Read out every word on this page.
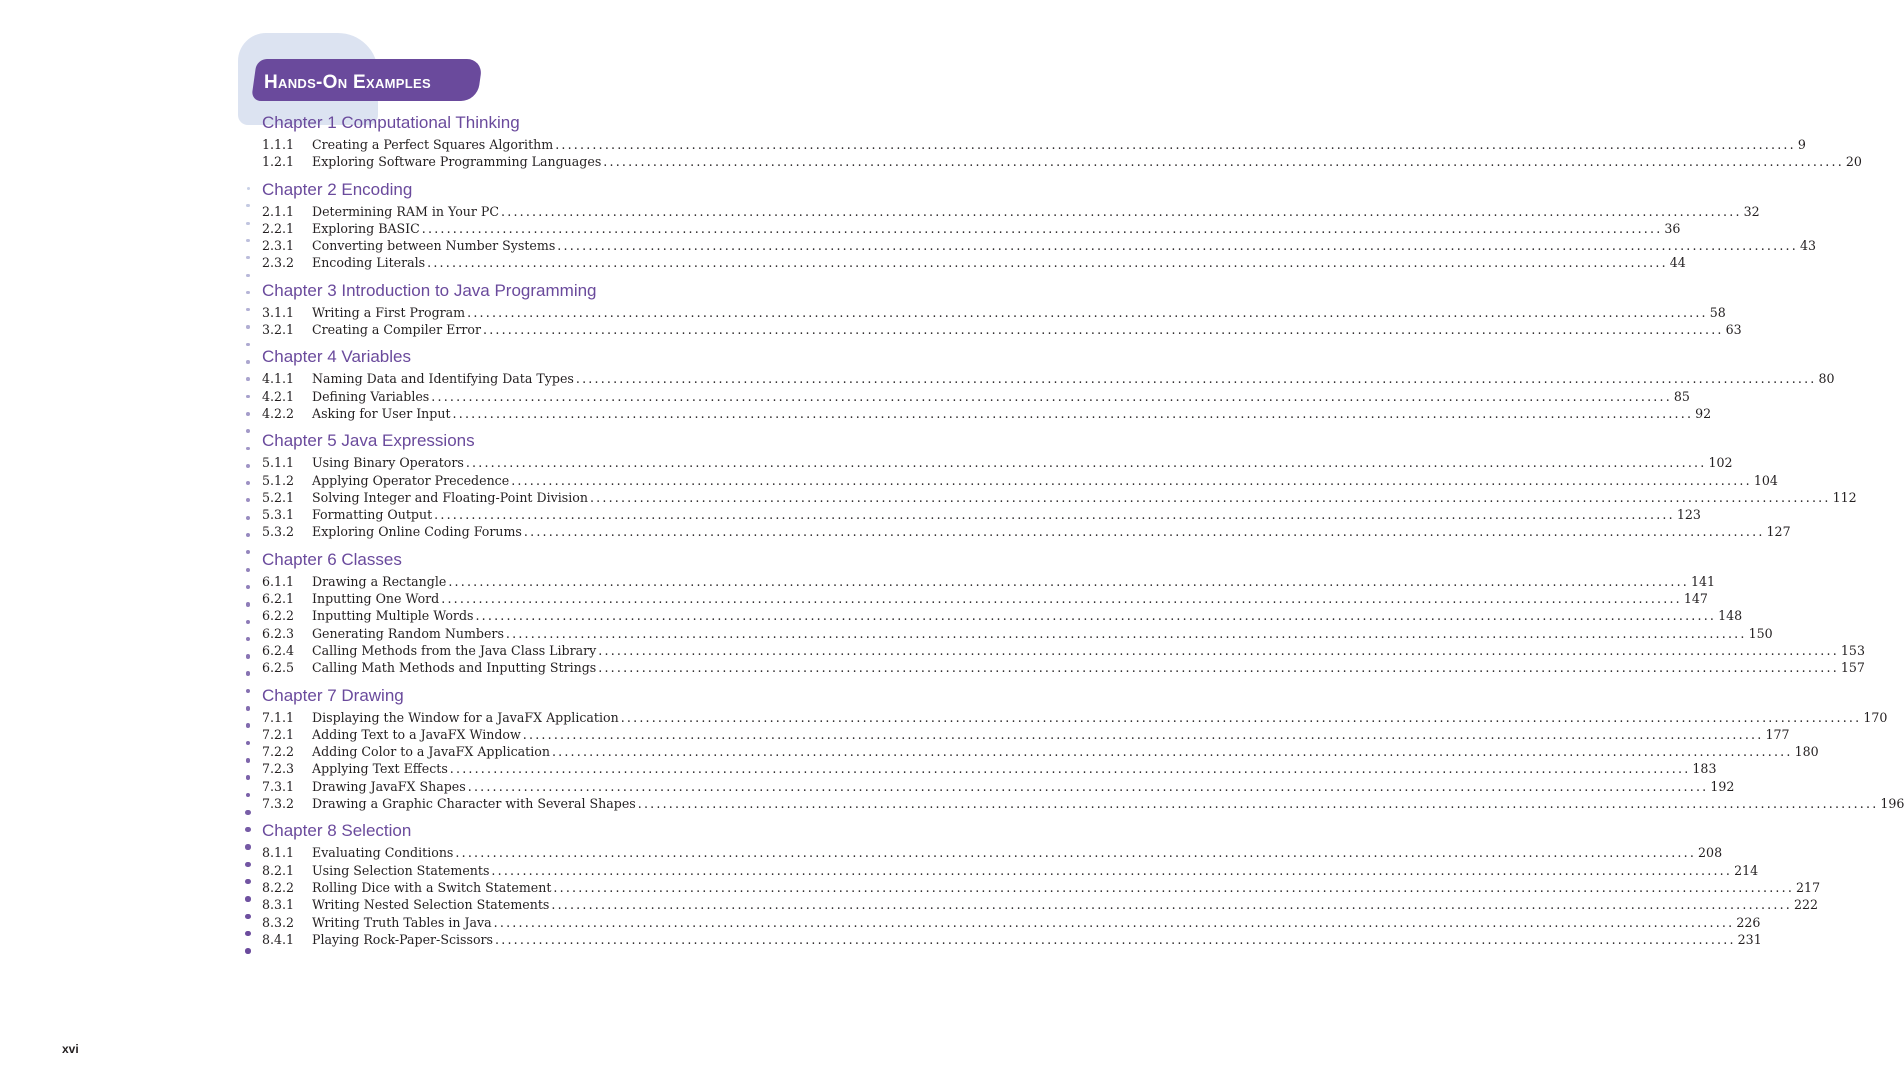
Hands-On Examples
Chapter 1 Computational Thinking
1.1.1	Creating a Perfect Squares Algorithm ........................................................................................................................................................................................................ 9
1.2.1	Exploring Software Programming Languages ........................................................................................................................................................................................................ 20
Chapter 2 Encoding
2.1.1	Determining RAM in Your PC ........................................................................................................................................................................................................ 32
2.2.1	Exploring BASIC ........................................................................................................................................................................................................ 36
2.3.1	Converting between Number Systems ........................................................................................................................................................................................................ 43
2.3.2	Encoding Literals ........................................................................................................................................................................................................ 44
Chapter 3 Introduction to Java Programming
3.1.1	Writing a First Program ........................................................................................................................................................................................................ 58
3.2.1	Creating a Compiler Error ........................................................................................................................................................................................................ 63
Chapter 4 Variables
4.1.1	Naming Data and Identifying Data Types ........................................................................................................................................................................................................ 80
4.2.1	Defining Variables ........................................................................................................................................................................................................ 85
4.2.2	Asking for User Input ........................................................................................................................................................................................................ 92
Chapter 5 Java Expressions
5.1.1	Using Binary Operators ........................................................................................................................................................................................................ 102
5.1.2	Applying Operator Precedence ........................................................................................................................................................................................................ 104
5.2.1	Solving Integer and Floating-Point Division ........................................................................................................................................................................................................ 112
5.3.1	Formatting Output ........................................................................................................................................................................................................ 123
5.3.2	Exploring Online Coding Forums ........................................................................................................................................................................................................ 127
Chapter 6 Classes
6.1.1	Drawing a Rectangle ........................................................................................................................................................................................................ 141
6.2.1	Inputting One Word ........................................................................................................................................................................................................ 147
6.2.2	Inputting Multiple Words ........................................................................................................................................................................................................ 148
6.2.3	Generating Random Numbers ........................................................................................................................................................................................................ 150
6.2.4	Calling Methods from the Java Class Library ........................................................................................................................................................................................................ 153
6.2.5	Calling Math Methods and Inputting Strings ........................................................................................................................................................................................................ 157
Chapter 7 Drawing
7.1.1	Displaying the Window for a JavaFX Application ........................................................................................................................................................................................................ 170
7.2.1	Adding Text to a JavaFX Window ........................................................................................................................................................................................................ 177
7.2.2	Adding Color to a JavaFX Application ........................................................................................................................................................................................................ 180
7.2.3	Applying Text Effects ........................................................................................................................................................................................................ 183
7.3.1	Drawing JavaFX Shapes ........................................................................................................................................................................................................ 192
7.3.2	Drawing a Graphic Character with Several Shapes ........................................................................................................................................................................................................ 196
Chapter 8 Selection
8.1.1	Evaluating Conditions ........................................................................................................................................................................................................ 208
8.2.1	Using Selection Statements ........................................................................................................................................................................................................ 214
8.2.2	Rolling Dice with a Switch Statement ........................................................................................................................................................................................................ 217
8.3.1	Writing Nested Selection Statements ........................................................................................................................................................................................................ 222
8.3.2	Writing Truth Tables in Java ........................................................................................................................................................................................................ 226
8.4.1	Playing Rock-Paper-Scissors ........................................................................................................................................................................................................ 231
xvi
